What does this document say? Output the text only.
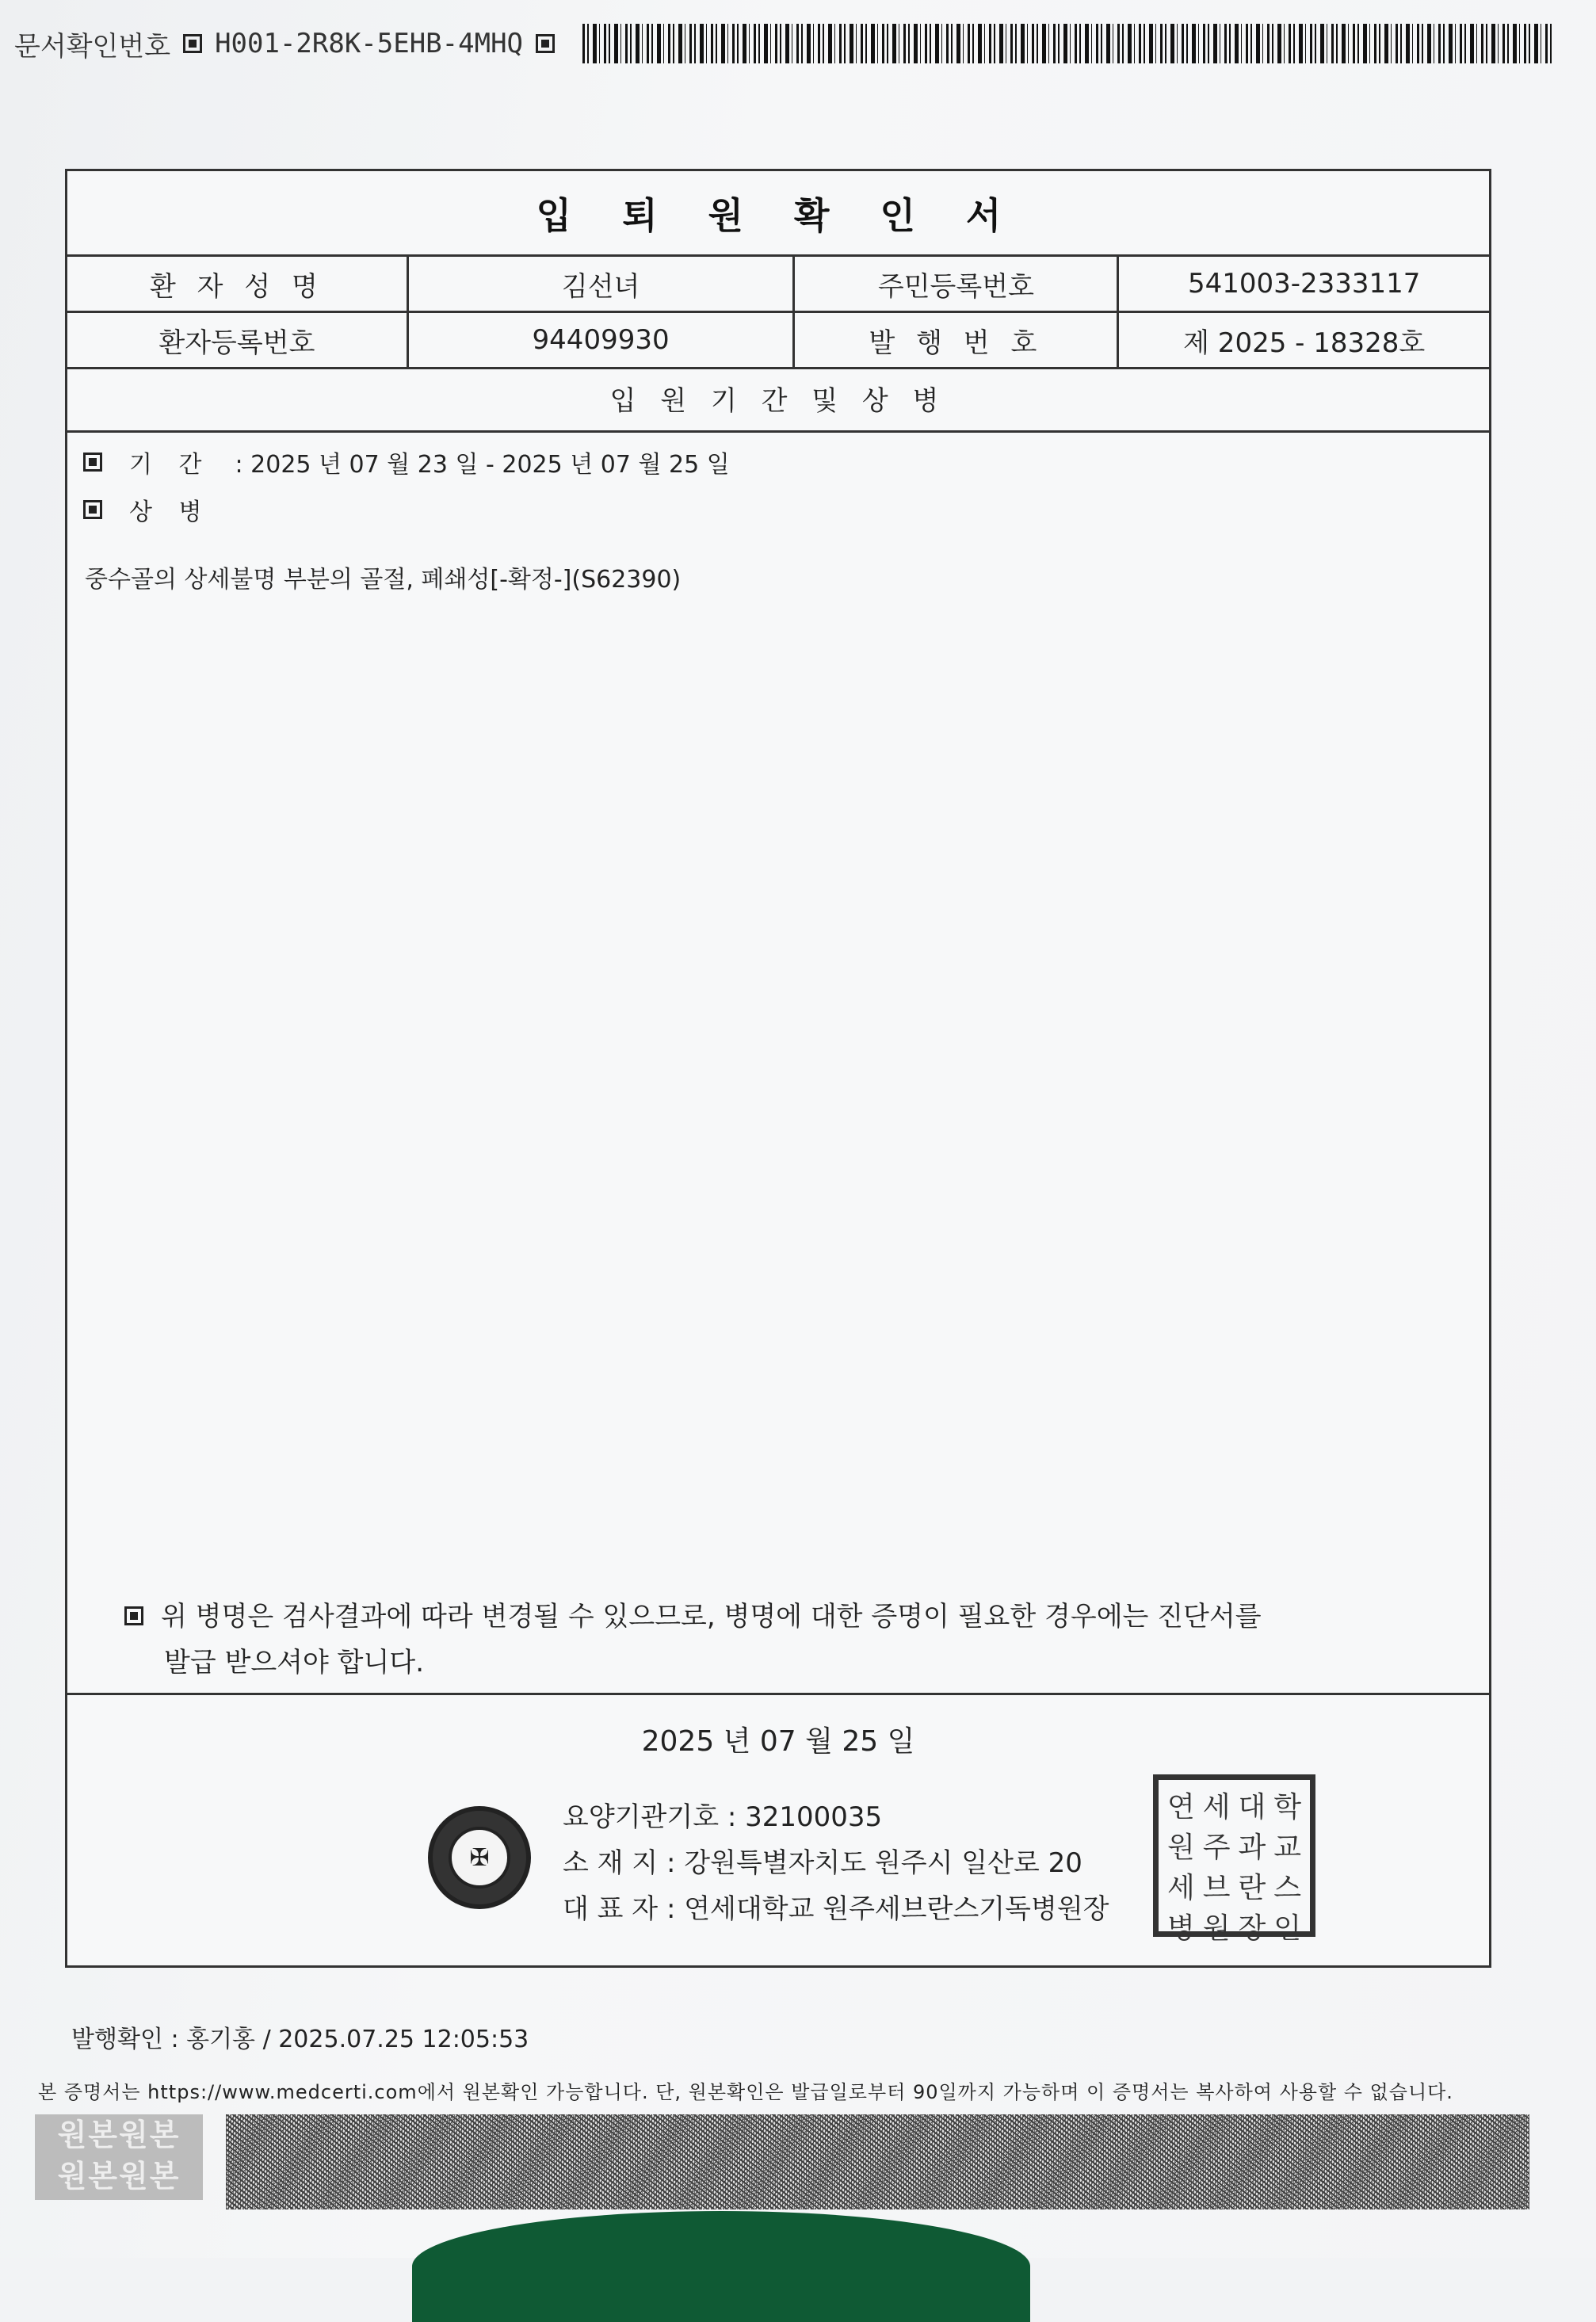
문서확인번호 H001-2R8K-5EHB-4MHQ
입 퇴 원 확 인 서
환 자 성 명	김선녀	주민등록번호	541003-2333117
환자등록번호	94409930	발 행 번 호	제 2025 - 18328호
입 원 기 간 및 상 병
기 간 : 2025 년 07 월 23 일 - 2025 년 07 월 25 일
상 병
중수골의 상세불명 부분의 골절, 폐쇄성[-확정-](S62390)
위 병명은 검사결과에 따라 변경될 수 있으므로, 병명에 대한 증명이 필요한 경우에는 진단서를
발급 받으셔야 합니다.
2025 년 07 월 25 일
✠
요양기관기호 : 32100035
소 재 지 : 강원특별자치도 원주시 일산로 20
대 표 자 : 연세대학교 원주세브란스기독병원장
연 세 대 학
원 주 과 교
세 브 란 스
병 원 장 인
발행확인 : 홍기홍 / 2025.07.25 12:05:53
본 증명서는 https://www.medcerti.com에서 원본확인 가능합니다. 단, 원본확인은 발급일로부터 90일까지 가능하며 이 증명서는 복사하여 사용할 수 없습니다.
원본원본
원본원본
